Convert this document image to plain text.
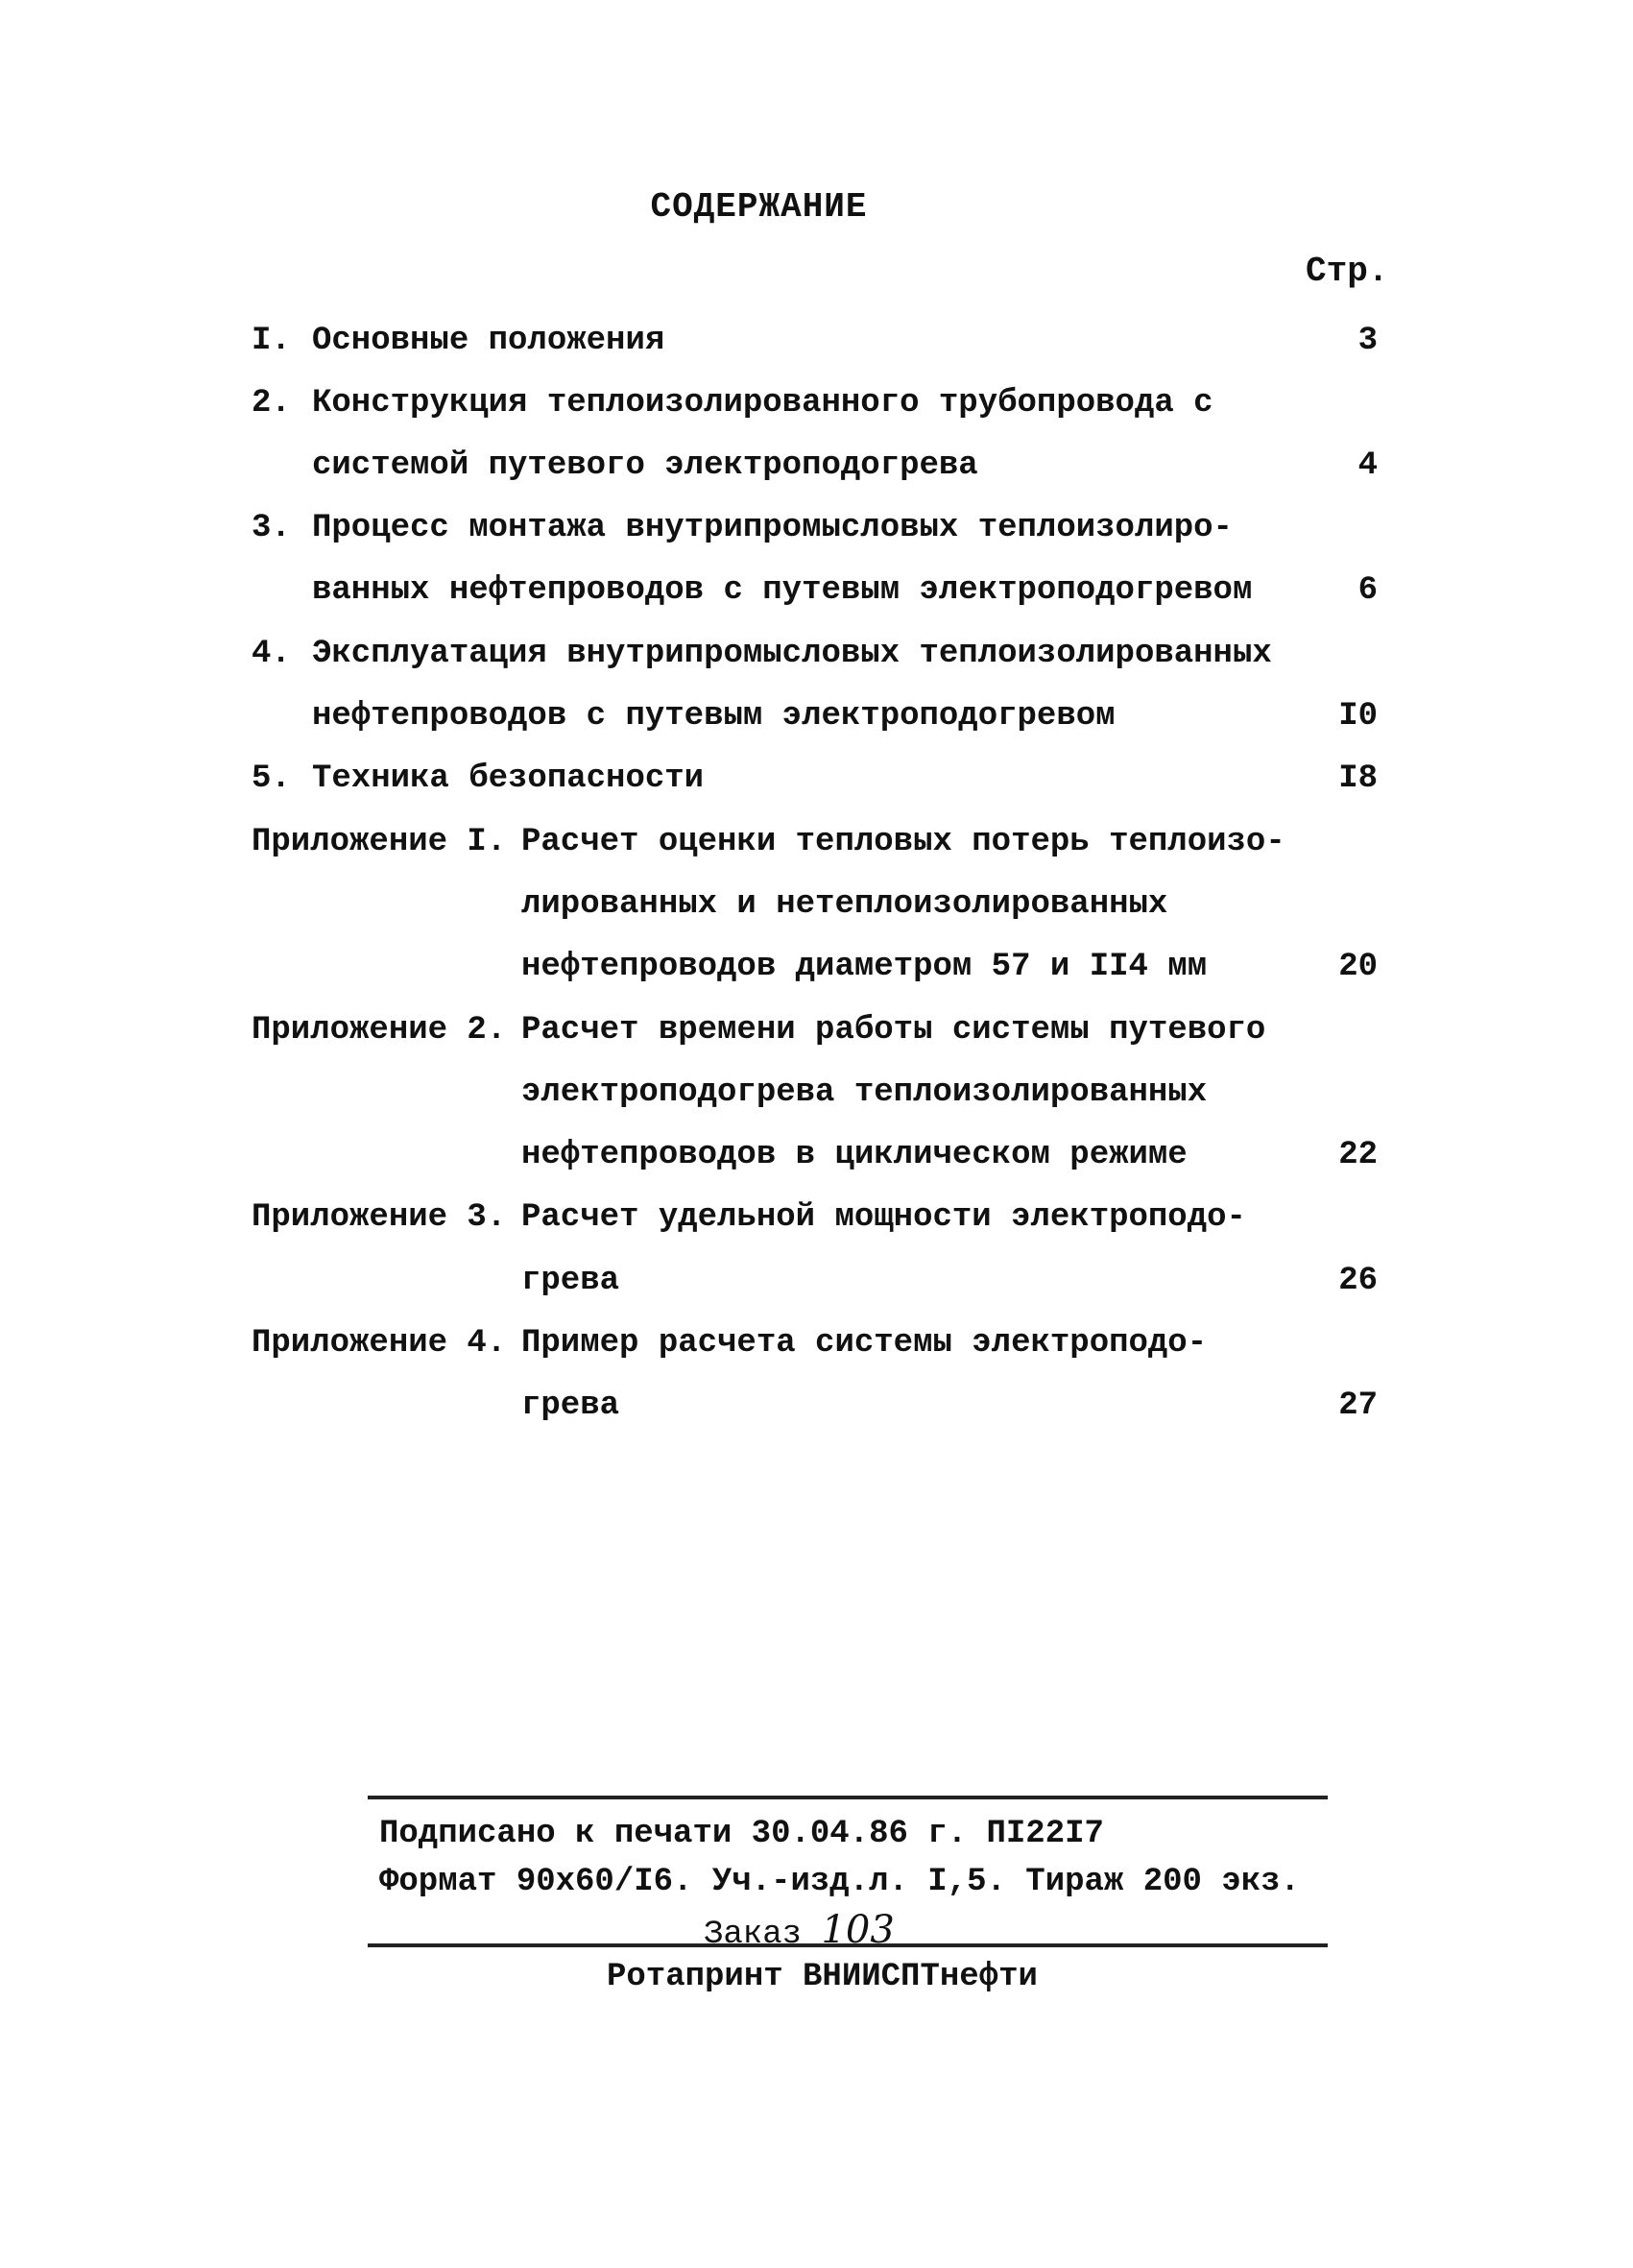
СОДЕРЖАНИЕ
Стр.
I. Основные положения	3
2. Конструкция теплоизолированного трубопровода с
системой путевого электроподогрева	4
3. Процесс монтажа внутрипромысловых теплоизолиро-
ванных нефтепроводов с путевым электроподогревом	6
4. Эксплуатация внутрипромысловых теплоизолированных
нефтепроводов с путевым электроподогревом	I0
5. Техника безопасности	I8
Приложение I. Расчет оценки тепловых потерь теплоизо-
лированных и нетеплоизолированных
нефтепроводов диаметром 57 и II4 мм	20
Приложение 2. Расчет времени работы системы путевого
электроподогрева теплоизолированных
нефтепроводов в циклическом режиме	22
Приложение 3. Расчет удельной мощности электроподо-
грева	26
Приложение 4. Пример расчета системы электроподо-
грева	27
Подписано к печати 30.04.86 г. ПI22I7
Формат 90х60/I6. Уч.-изд.л. I,5. Тираж 200 экз.
Заказ 103
Ротапринт ВНИИСПТнефти
